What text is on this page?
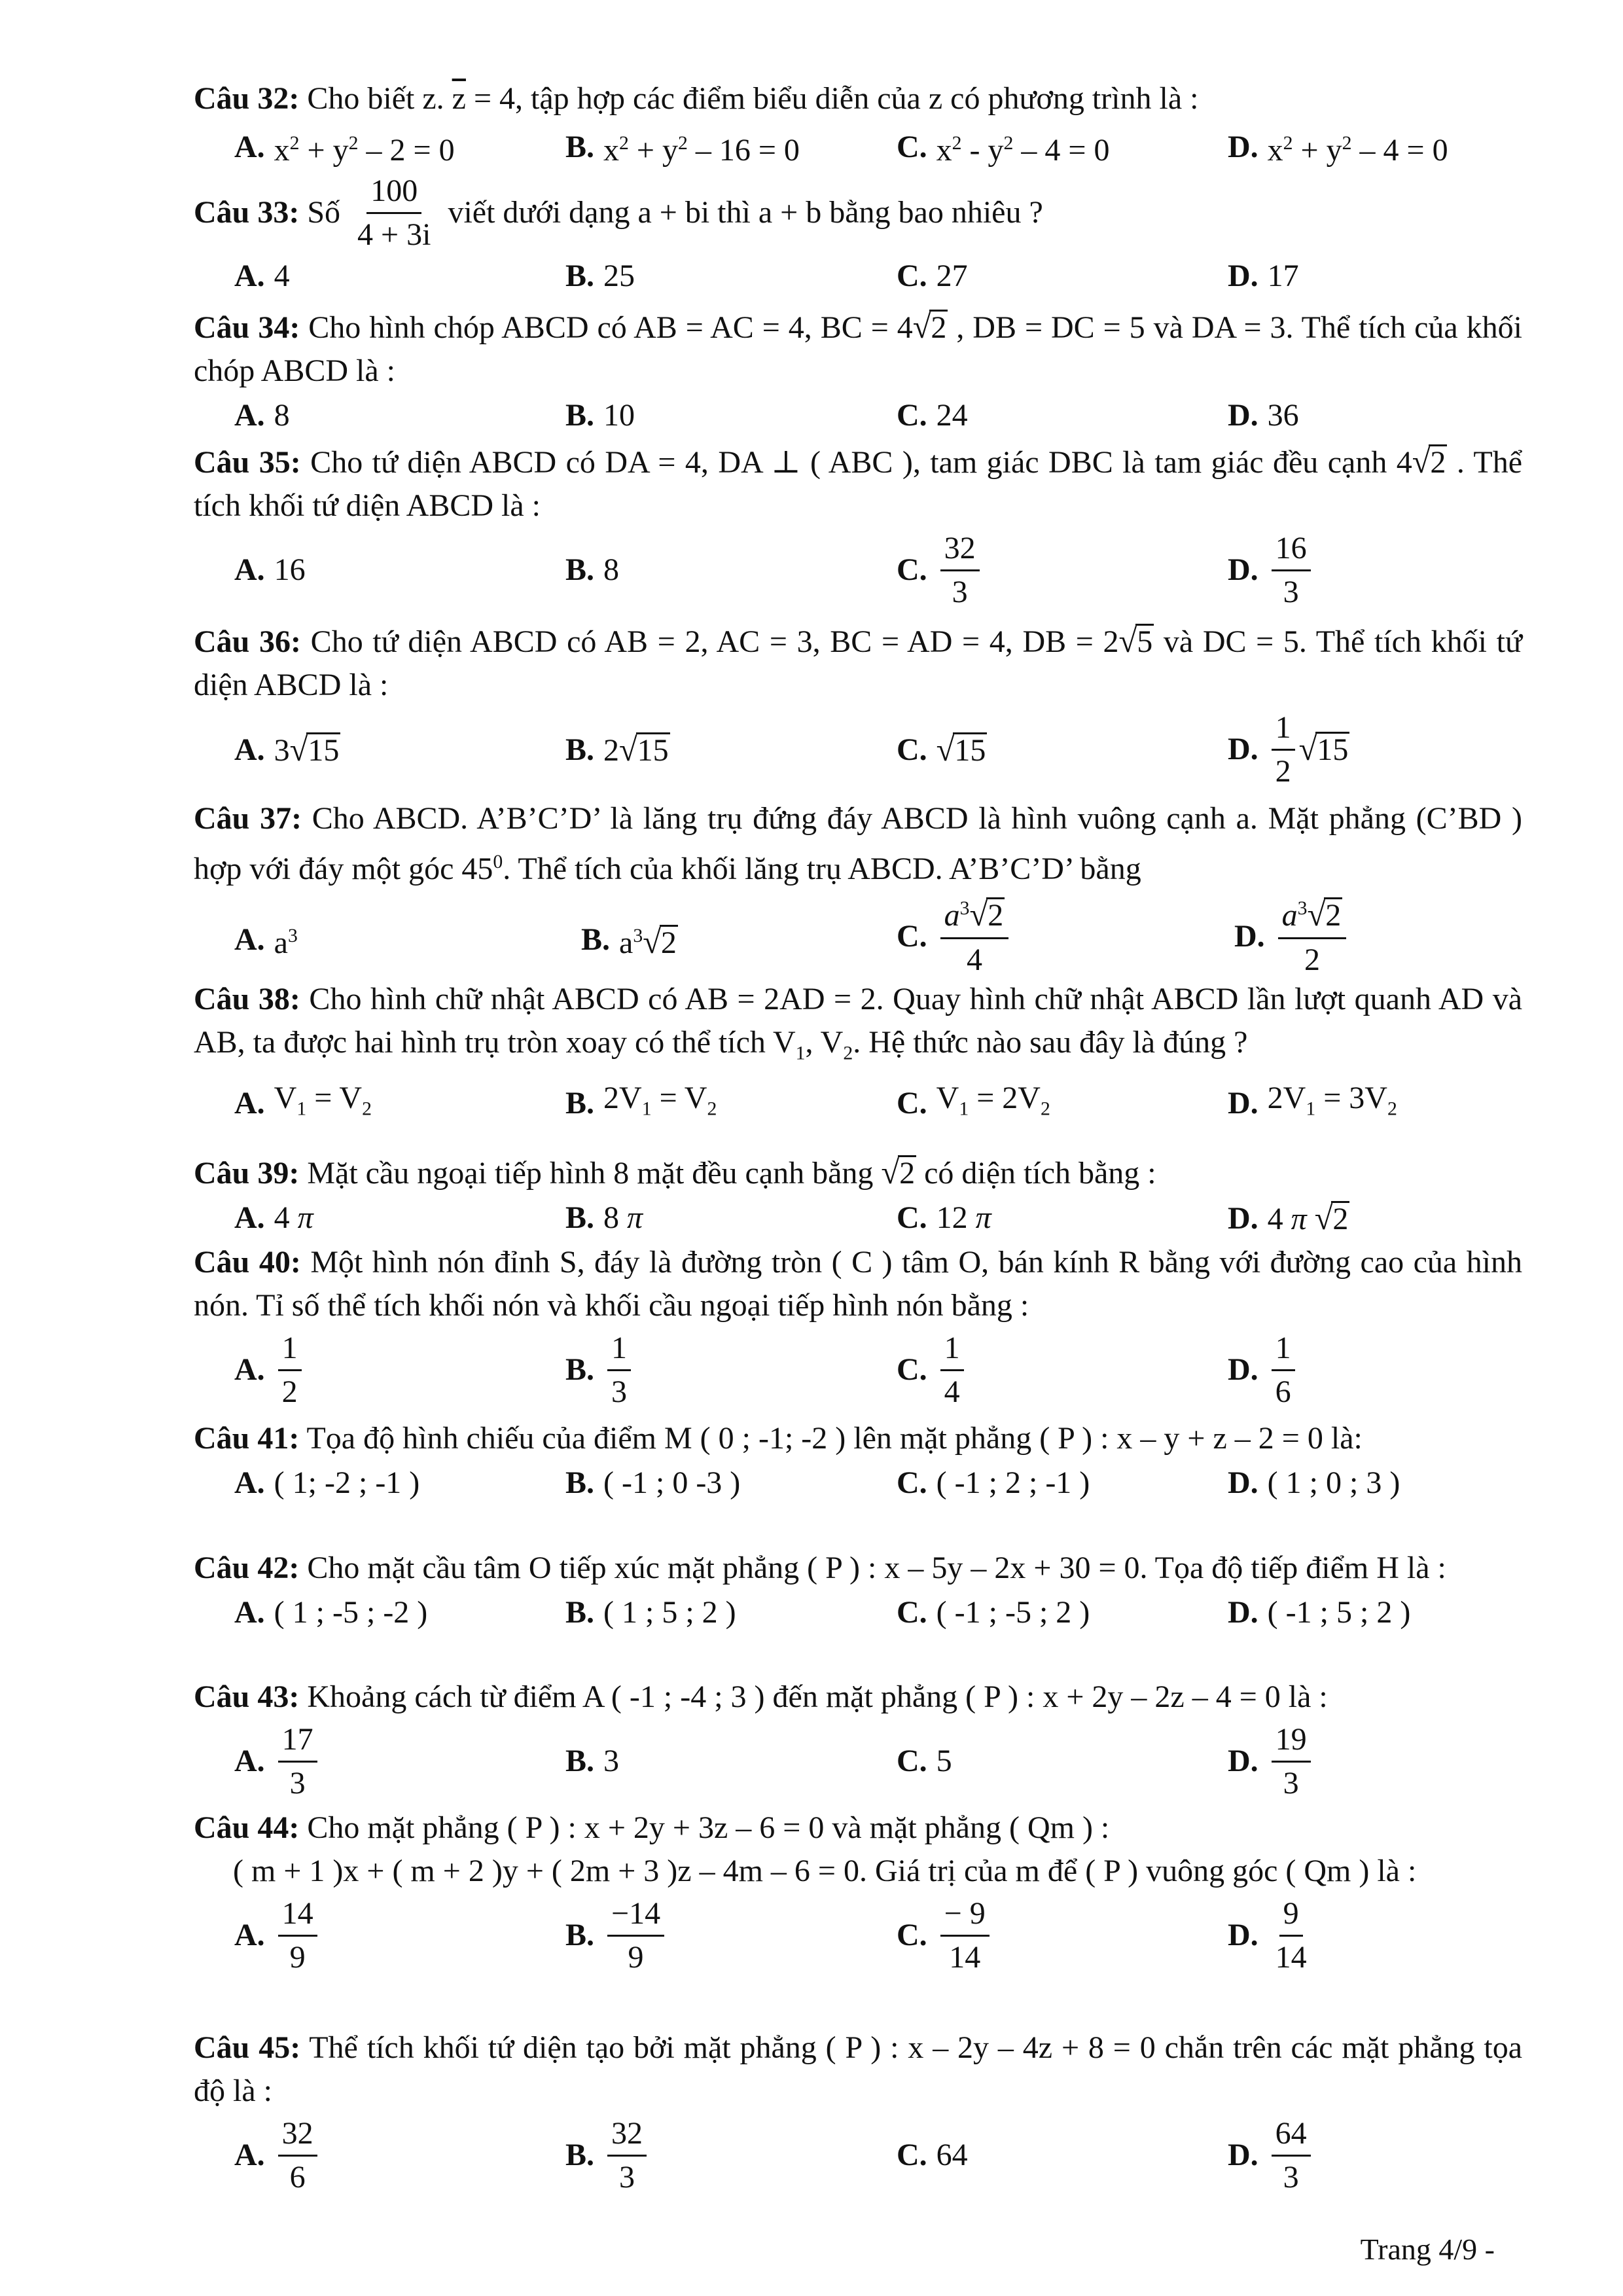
Câu 32: Cho biết z. $\overline{z} = 4$, tập hợp các điểm biểu diễn của z có phương trình là :
A. $x^2 + y^2 - 2 = 0$	B. $x^2 + y^2 - 16 = 0$	C. $x^2 - y^2 - 4 = 0$	D. $x^2 + y^2 - 4 = 0$
Câu 33:
Số $\frac{100}{4 + 3i}$ viết dưới dạng a + bi thì a + b bằng bao nhiêu ?
A. 4	B. 25	C. 27	D. 17
Câu 34: Cho hình chóp ABCD có AB = AC = 4, BC = 4√2 , DB = DC = 5 và DA = 3. Thể tích của khối chóp ABCD là :
A. 8	B. 10	C. 24	D. 36
Câu 35: Cho tứ diện ABCD có DA = 4, DA ⊥ ( ABC ), tam giác DBC là tam giác đều cạnh 4√2 . Thể tích khối tứ diện ABCD là :
A. 16	B. 8	C. $\frac{32}{3}$	D. $\frac{16}{3}$
Câu 36: Cho tứ diện ABCD có AB = 2, AC = 3, BC = AD = 4, DB = 2√5 và DC = 5. Thể tích khối tứ diện ABCD là :
A. 3√15	B. 2√15	C. √15	D. $\frac{1}{2} √15$
Câu 37: Cho ABCD. A’B’C’D’ là lăng trụ đứng đáy ABCD là hình vuông cạnh a. Mặt phẳng (C’BD ) hợp với đáy một góc $45^0$. Thể tích của khối lăng trụ ABCD. A’B’C’D’ bằng
A. $a^3$	B. $a^3√2$	C. $\frac{a^3√2}{4}$	D. $\frac{a^3√2}{2}$
Câu 38: Cho hình chữ nhật ABCD có AB = 2AD = 2. Quay hình chữ nhật ABCD lần lượt quanh AD và AB, ta được hai hình trụ tròn xoay có thể tích $V_1$, $V_2$. Hệ thức nào sau đây là đúng ?
A. $V_1 = V_2$	B. $2V_1 = V_2$	C. $V_1 = 2V_2$	D. $2V_1 = 3V_2$
Câu 39: Mặt cầu ngoại tiếp hình 8 mặt đều cạnh bằng √2 có diện tích bằng :
A. 4 π	B. 8 π	C. 12 π	D. 4 π √2
Câu 40: Một hình nón đỉnh S, đáy là đường tròn ( C ) tâm O, bán kính R bằng với đường cao của hình nón. Tỉ số thể tích khối nón và khối cầu ngoại tiếp hình nón bằng :
A. $\frac{1}{2}$	B. $\frac{1}{3}$	C. $\frac{1}{4}$	D. $\frac{1}{6}$
Câu 41: Tọa độ hình chiếu của điểm M ( 0 ; -1; -2 ) lên mặt phẳng ( P ) : x – y + z – 2 = 0 là:
A. ( 1; -2 ; -1 )	B. ( -1 ; 0 -3 )	C. ( -1 ; 2 ; -1 )	D. ( 1 ; 0 ; 3 )
Câu 42: Cho mặt cầu tâm O tiếp xúc mặt phẳng ( P ) : x – 5y – 2x + 30 = 0. Tọa độ tiếp điểm H là :
A. ( 1 ; -5 ; -2 )	B. ( 1 ; 5 ; 2 )	C. ( -1 ; -5 ; 2 )	D. ( -1 ; 5 ; 2 )
Câu 43: Khoảng cách từ điểm A ( -1 ; -4 ; 3 ) đến mặt phẳng ( P ) : x + 2y – 2z – 4 = 0 là :
A. $\frac{17}{3}$	B. 3	C. 5	D. $\frac{19}{3}$
Câu 44: Cho mặt phẳng ( P ) : x + 2y + 3z – 6 = 0 và mặt phẳng ( Qm ) :
( m + 1 )x + ( m + 2 )y + ( 2m + 3 )z – 4m – 6 = 0. Giá trị của m để ( P ) vuông góc ( Qm ) là :
A. $\frac{14}{9}$	B. $\frac{-14}{9}$	C. $\frac{- 9}{14}$	D. $\frac{9}{14}$
Câu 45: Thể tích khối tứ diện tạo bởi mặt phẳng ( P ) : x – 2y – 4z + 8 = 0 chắn trên các mặt phẳng tọa độ là :
A. $\frac{32}{6}$	B. $\frac{32}{3}$	C. 64	D. $\frac{64}{3}$
Trang 4/9 -
